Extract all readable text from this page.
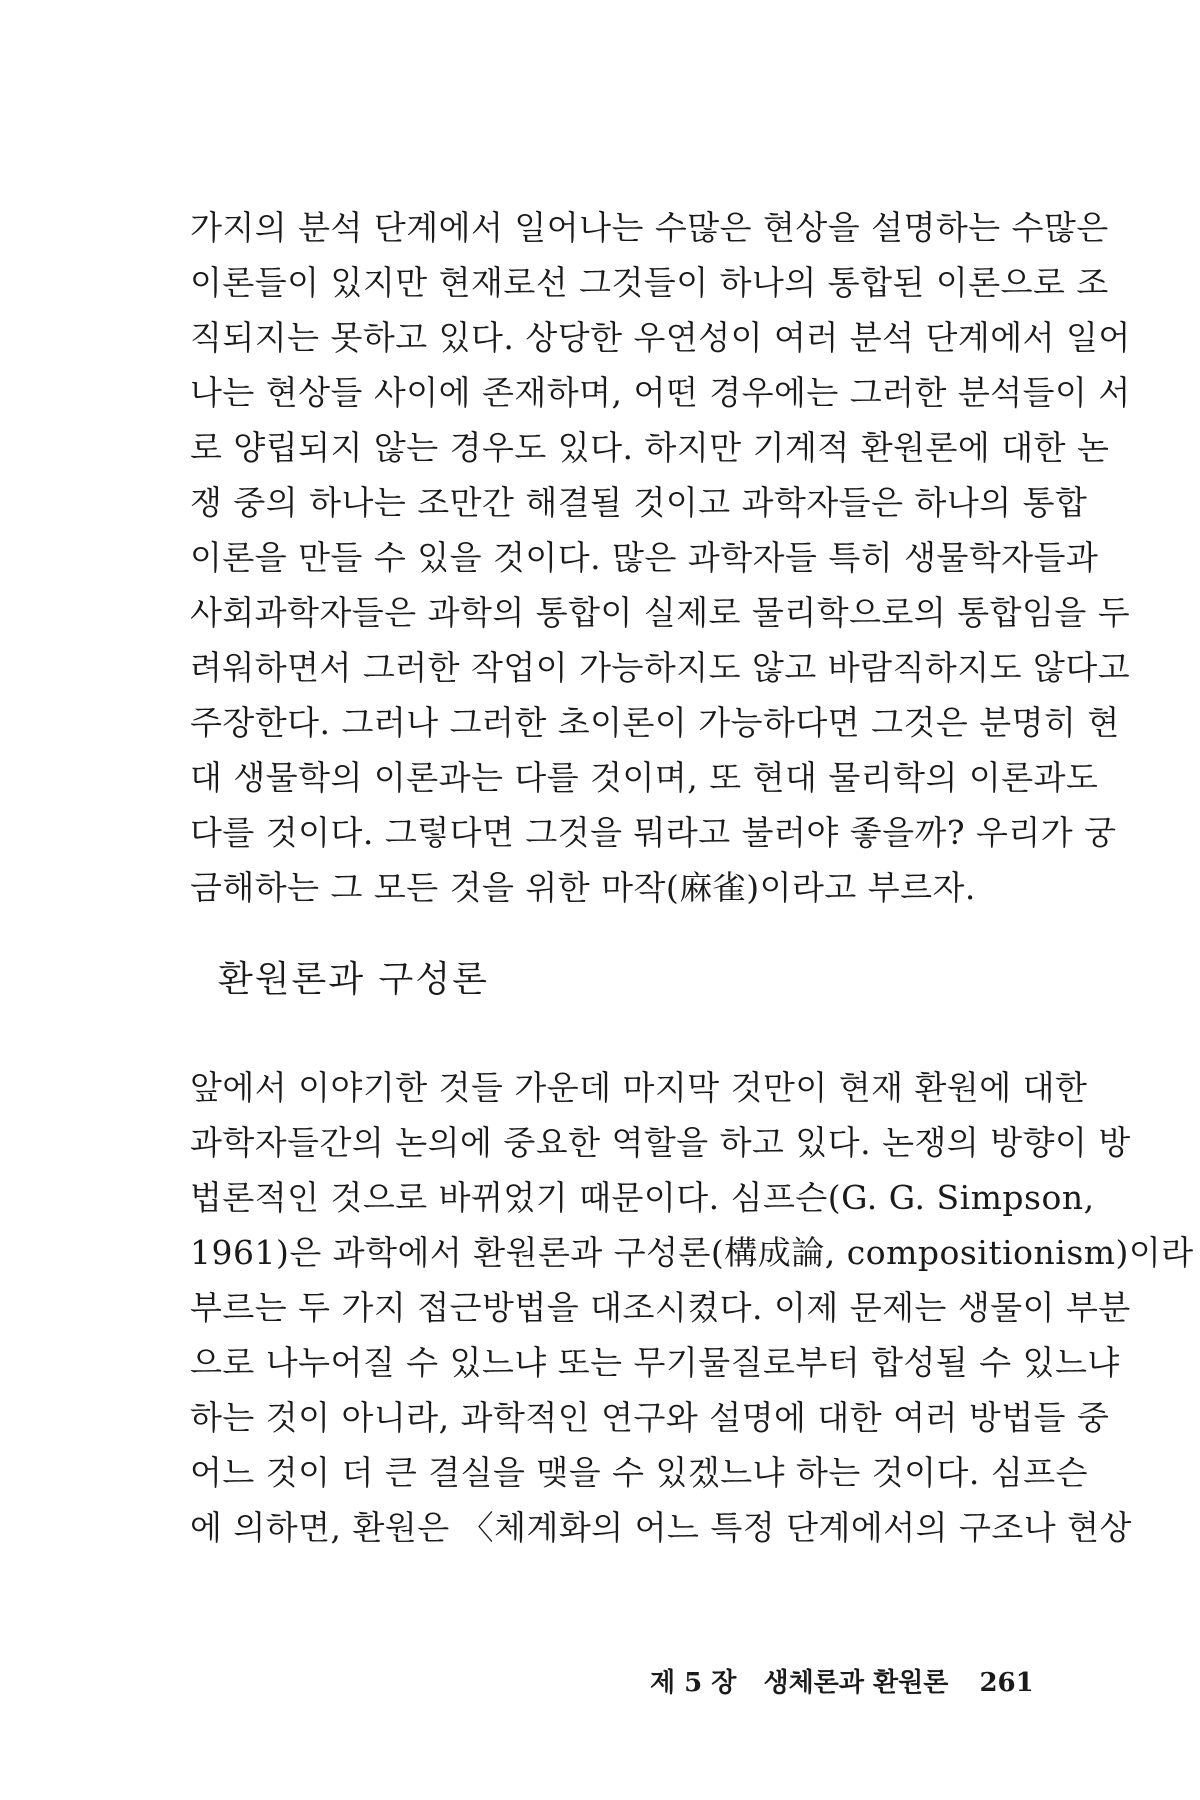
가지의 분석 단계에서 일어나는 수많은 현상을 설명하는 수많은
이론들이 있지만 현재로선 그것들이 하나의 통합된 이론으로 조
직되지는 못하고 있다. 상당한 우연성이 여러 분석 단계에서 일어
나는 현상들 사이에 존재하며, 어떤 경우에는 그러한 분석들이 서
로 양립되지 않는 경우도 있다. 하지만 기계적 환원론에 대한 논
쟁 중의 하나는 조만간 해결될 것이고 과학자들은 하나의 통합
이론을 만들 수 있을 것이다. 많은 과학자들 특히 생물학자들과
사회과학자들은 과학의 통합이 실제로 물리학으로의 통합임을 두
려워하면서 그러한 작업이 가능하지도 않고 바람직하지도 않다고
주장한다. 그러나 그러한 초이론이 가능하다면 그것은 분명히 현
대 생물학의 이론과는 다를 것이며, 또 현대 물리학의 이론과도
다를 것이다. 그렇다면 그것을 뭐라고 불러야 좋을까? 우리가 궁
금해하는 그 모든 것을 위한 마작(麻雀)이라고 부르자.
환원론과 구성론
앞에서 이야기한 것들 가운데 마지막 것만이 현재 환원에 대한
과학자들간의 논의에 중요한 역할을 하고 있다. 논쟁의 방향이 방
법론적인 것으로 바뀌었기 때문이다. 심프슨(G. G. Simpson,
1961)은 과학에서 환원론과 구성론(構成論, compositionism)이라
부르는 두 가지 접근방법을 대조시켰다. 이제 문제는 생물이 부분
으로 나누어질 수 있느냐 또는 무기물질로부터 합성될 수 있느냐
하는 것이 아니라, 과학적인 연구와 설명에 대한 여러 방법들 중
어느 것이 더 큰 결실을 맺을 수 있겠느냐 하는 것이다. 심프슨
에 의하면, 환원은 〈체계화의 어느 특정 단계에서의 구조나 현상
제 5 장 생체론과 환원론 261
